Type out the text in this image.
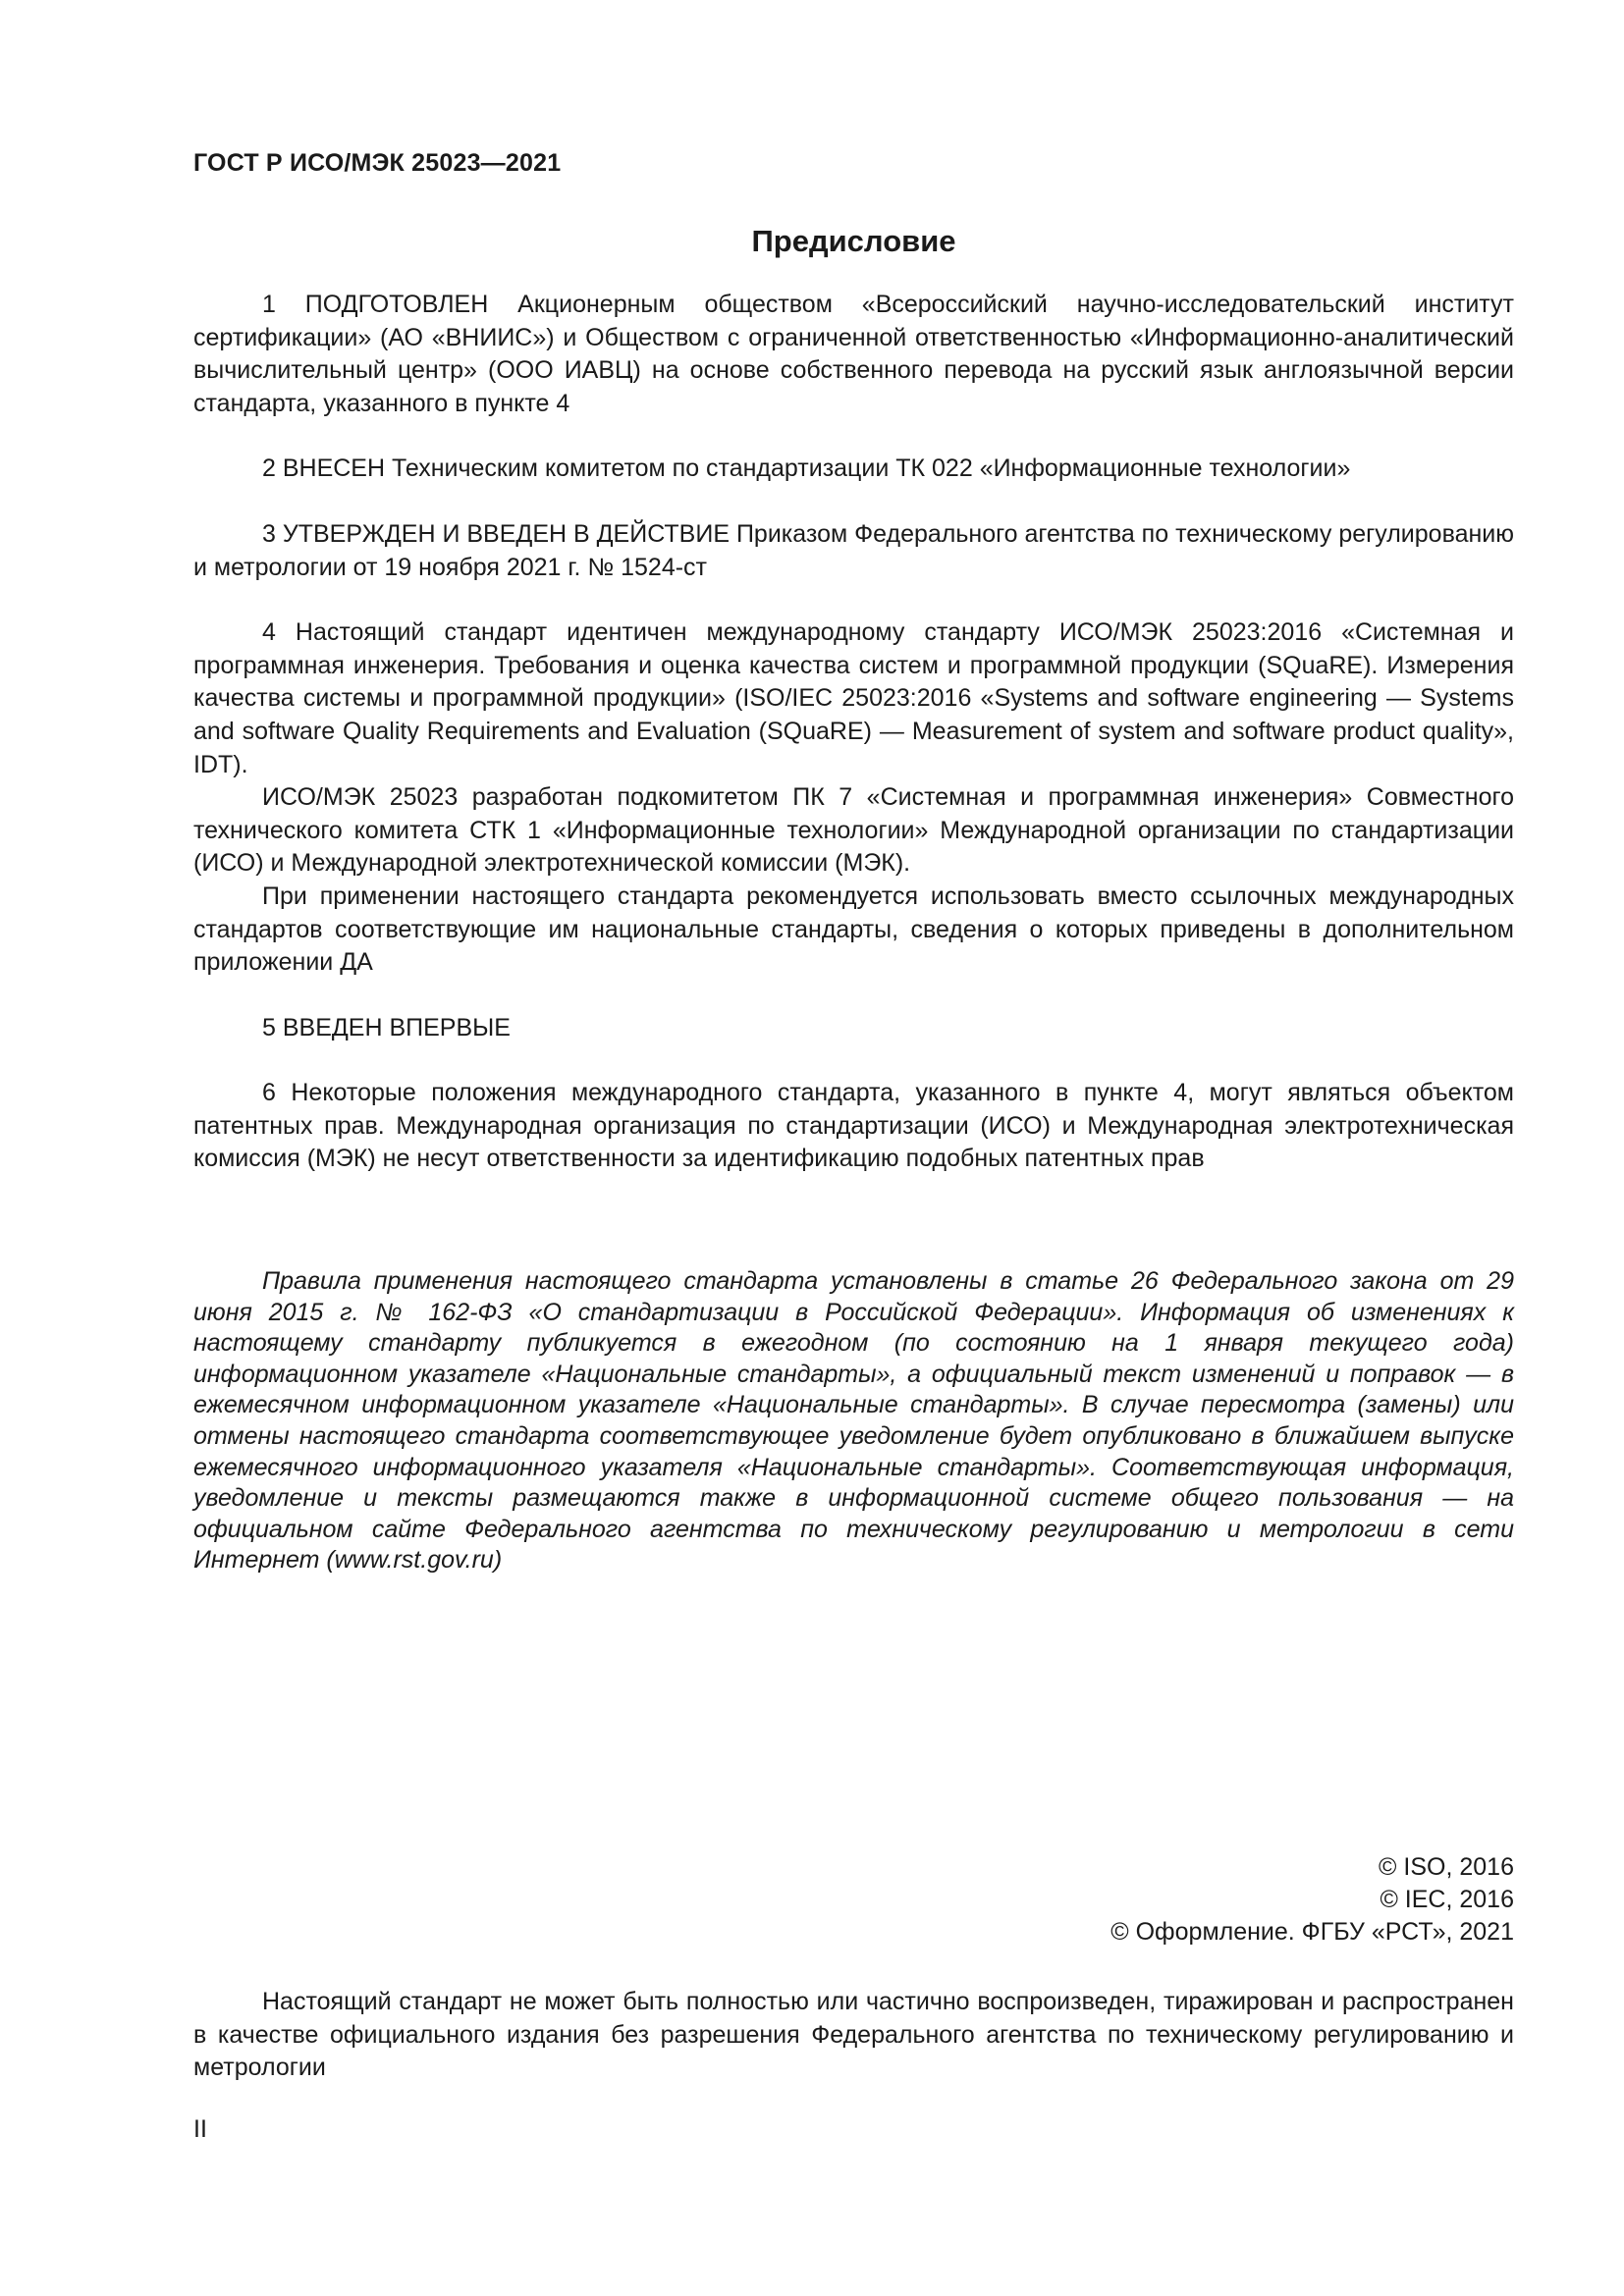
ГОСТ Р ИСО/МЭК 25023—2021
Предисловие

1 ПОДГОТОВЛЕН Акционерным обществом «Всероссийский научно-исследовательский институт сертификации» (АО «ВНИИС») и Обществом с ограниченной ответственностью «Информационно-аналитический вычислительный центр» (ООО ИАВЦ) на основе собственного перевода на русский язык англоязычной версии стандарта, указанного в пункте 4

2 ВНЕСЕН Техническим комитетом по стандартизации ТК 022 «Информационные технологии»

3 УТВЕРЖДЕН И ВВЕДЕН В ДЕЙСТВИЕ Приказом Федерального агентства по техническому регулированию и метрологии от 19 ноября 2021 г. № 1524-ст

4 Настоящий стандарт идентичен международному стандарту ИСО/МЭК 25023:2016 «Системная и программная инженерия. Требования и оценка качества систем и программной продукции (SQuaRE). Измерения качества системы и программной продукции» (ISO/IEC 25023:2016 «Systems and software engineering — Systems and software Quality Requirements and Evaluation (SQuaRE) — Measurement of system and software product quality», IDT).

ИСО/МЭК 25023 разработан подкомитетом ПК 7 «Системная и программная инженерия» Совместного технического комитета СТК 1 «Информационные технологии» Международной организации по стандартизации (ИСО) и Международной электротехнической комиссии (МЭК).

При применении настоящего стандарта рекомендуется использовать вместо ссылочных международных стандартов соответствующие им национальные стандарты, сведения о которых приведены в дополнительном приложении ДА

5 ВВЕДЕН ВПЕРВЫЕ

6 Некоторые положения международного стандарта, указанного в пункте 4, могут являться объектом патентных прав. Международная организация по стандартизации (ИСО) и Международная электротехническая комиссия (МЭК) не несут ответственности за идентификацию подобных патентных прав

Правила применения настоящего стандарта установлены в статье 26 Федерального закона от 29 июня 2015 г. № 162-ФЗ «О стандартизации в Российской Федерации». Информация об изменениях к настоящему стандарту публикуется в ежегодном (по состоянию на 1 января текущего года) информационном указателе «Национальные стандарты», а официальный текст изменений и поправок — в ежемесячном информационном указателе «Национальные стандарты». В случае пересмотра (замены) или отмены настоящего стандарта соответствующее уведомление будет опубликовано в ближайшем выпуске ежемесячного информационного указателя «Национальные стандарты». Соответствующая информация, уведомление и тексты размещаются также в информационной системе общего пользования — на официальном сайте Федерального агентства по техническому регулированию и метрологии в сети Интернет (www.rst.gov.ru)

© ISO, 2016
© IEC, 2016
© Оформление. ФГБУ «РСТ», 2021

Настоящий стандарт не может быть полностью или частично воспроизведен, тиражирован и распространен в качестве официального издания без разрешения Федерального агентства по техническому регулированию и метрологии

II
